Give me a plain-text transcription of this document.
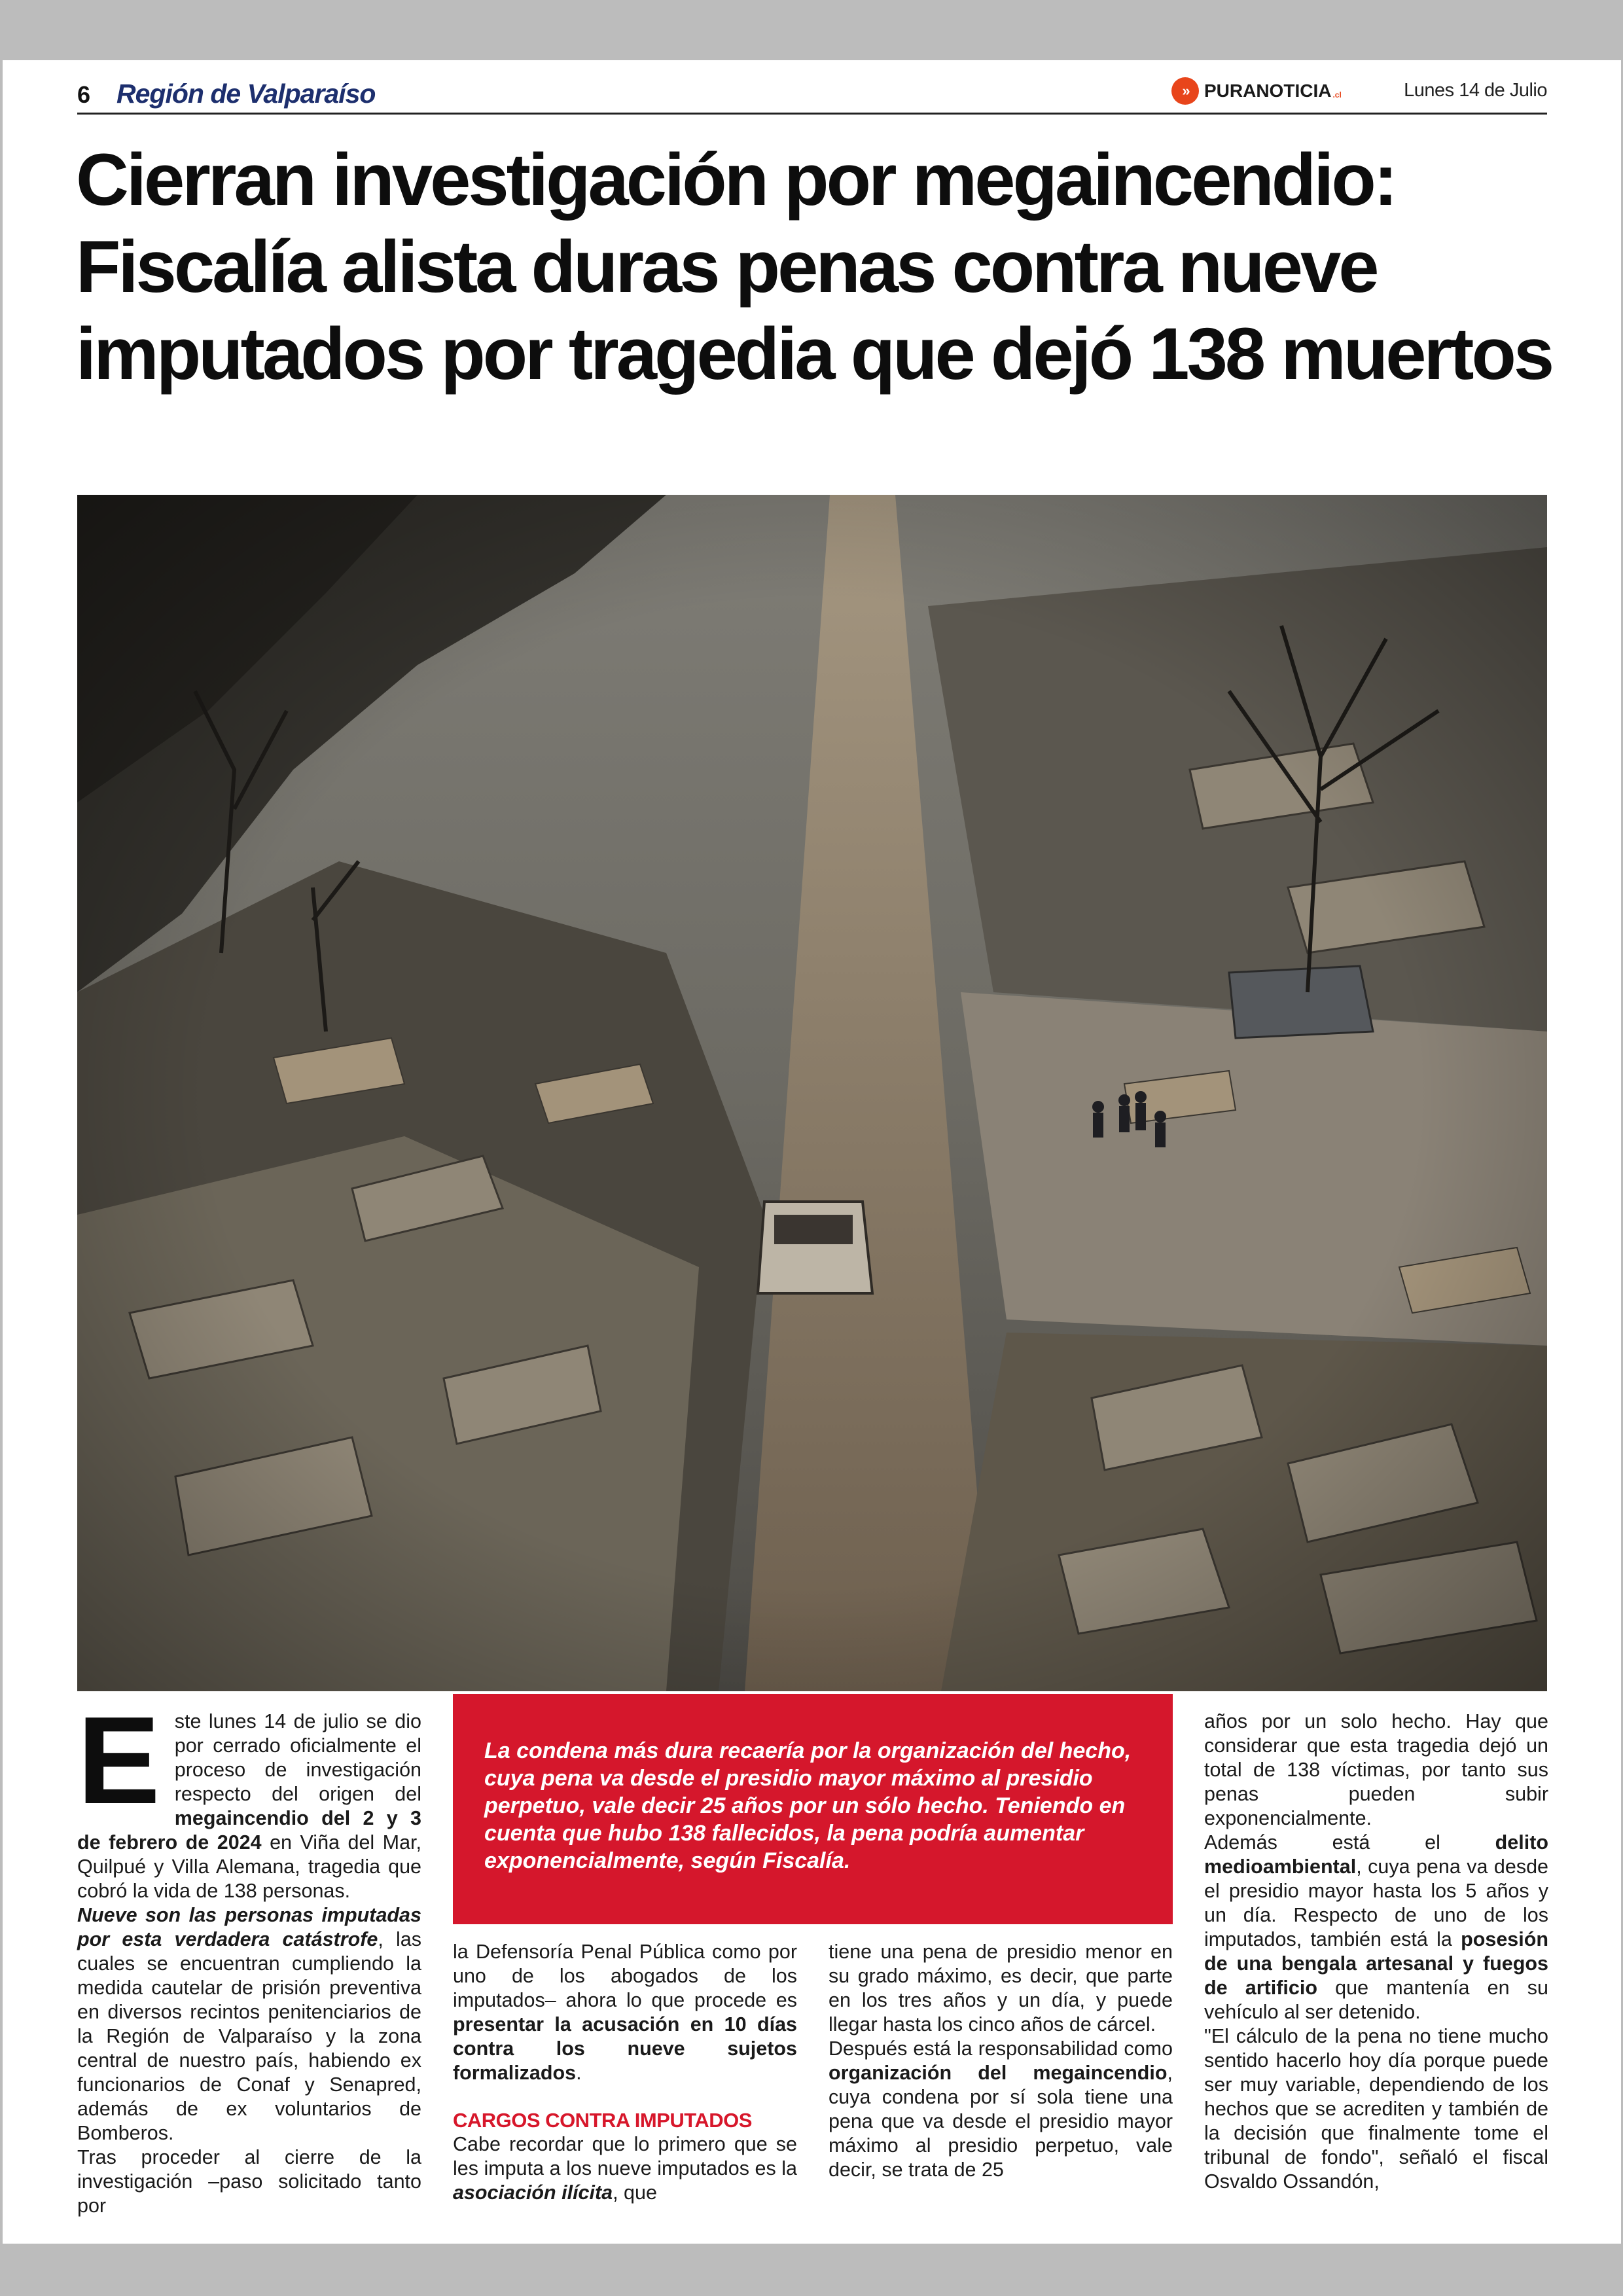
6 Región de Valparaíso	» PURANOTICIA .cl	Lunes 14 de Julio
Cierran investigación por megaincendio: Fiscalía alista duras penas contra nueve imputados por tragedia que dejó 138 muertos

La condena más dura recaería por la organización del hecho, cuya pena va desde el presidio mayor máximo al presidio perpetuo, vale decir 25 años por un sólo hecho. Teniendo en cuenta que hubo 138 fallecidos, la pena podría aumentar exponencialmente, según Fiscalía.

E ste lunes 14 de julio se dio por cerrado oficialmente el proceso de investigación respecto del origen del megaincendio del 2 y 3 de febrero de 2024 en Viña del Mar, Quilpué y Villa Alemana, tragedia que cobró la vida de 138 personas.

Nueve son las personas imputadas por esta verdadera catástrofe, las cuales se encuentran cumpliendo la medida cautelar de prisión preventiva en diversos recintos penitenciarios de la Región de Valparaíso y la zona central de nuestro país, habiendo ex funcionarios de Conaf y Senapred, además de ex voluntarios de Bomberos.

Tras proceder al cierre de la investigación –paso solicitado tanto por

la Defensoría Penal Pública como por uno de los abogados de los imputados– ahora lo que procede es presentar la acusación en 10 días contra los nueve sujetos formalizados.

CARGOS CONTRA IMPUTADOS

Cabe recordar que lo primero que se les imputa a los nueve imputados es la asociación ilícita, que

tiene una pena de presidio menor en su grado máximo, es decir, que parte en los tres años y un día, y puede llegar hasta los cinco años de cárcel.

Después está la responsabilidad como organización del megaincendio, cuya condena por sí sola tiene una pena que va desde el presidio mayor máximo al presidio perpetuo, vale decir, se trata de 25

años por un solo hecho. Hay que considerar que esta tragedia dejó un total de 138 víctimas, por tanto sus penas pueden subir exponencialmente.

Además está el delito medioambiental, cuya pena va desde el presidio mayor hasta los 5 años y un día. Respecto de uno de los imputados, también está la posesión de una bengala artesanal y fuegos de artificio que mantenía en su vehículo al ser detenido.

"El cálculo de la pena no tiene mucho sentido hacerlo hoy día porque puede ser muy variable, dependiendo de los hechos que se acrediten y también de la decisión que finalmente tome el tribunal de fondo", señaló el fiscal Osvaldo Ossandón,
